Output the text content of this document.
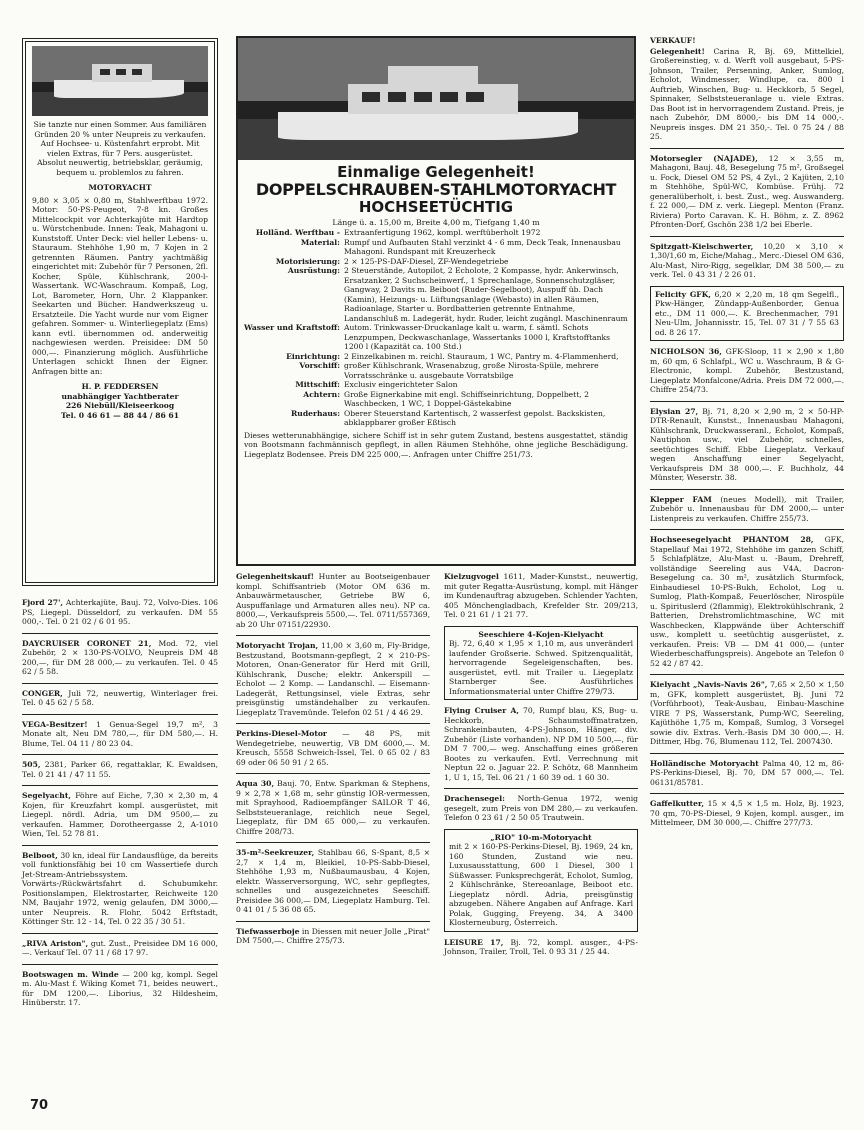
Sie tanzte nur einen Sommer. Aus familiären Gründen 20 % unter Neupreis zu verkaufen. Auf Hochsee- u. Küstenfahrt erprobt. Mit vielen Extras, für 7 Pers. ausgerüstet. Absolut neuwertig, betriebsklar, geräumig, bequem u. problemlos zu fahren.

MOTORYACHT

9,80 × 3,05 × 0,80 m, Stahlwerftbau 1972. Motor: 50-PS-Peugeot, 7-8 kn. Großes Mittelcockpit vor Achterkajüte mit Hardtop u. Würstchenbude. Innen: Teak, Mahagoni u. Kunststoff. Unter Deck: viel heller Lebens- u. Stauraum. Stehhöhe 1,90 m, 7 Kojen in 2 getrennten Räumen. Pantry yachtmäßig eingerichtet mit: Zubehör für 7 Personen, 2fl. Kocher, Spüle, Kühlschrank, 200-l-Wassertank. WC-Waschraum. Kompaß, Log, Lot, Barometer, Horn, Uhr. 2 Klappanker. Seekarten und Bücher. Handwerkszeug u. Ersatzteile. Die Yacht wurde nur vom Eigner gefahren. Sommer- u. Winterliegeplatz (Ems) kann evtl. übernommen od. anderweitig nachgewiesen werden. Preisidee: DM 50 000,—. Finanzierung möglich. Ausführliche Unterlagen schickt Ihnen der Eigner. Anfragen bitte an:

H. P. FEDDERSEN
unabhängiger Yachtberater
226 Niebüll/Kleiseerkoog
Tel. 0 46 61 — 88 44 / 86 61

Fjord 27', Achterkajüte, Bauj. 72, Volvo-Dies. 106 PS, Liegepl. Düsseldorf, zu verkaufen. DM 55 000,-. Tel. 0 21 02 / 6 01 95.

DAYCRUISER CORONET 21, Mod. 72, viel Zubehör, 2 × 130-PS-VOLVO, Neupreis DM 48 200,—, für DM 28 000,— zu verkaufen. Tel. 0 45 62 / 5 58.

CONGER, Juli 72, neuwertig, Winterlager frei. Tel. 0 45 62 / 5 58.

VEGA-Besitzer! 1 Genua-Segel 19,7 m², 3 Monate alt, Neu DM 780,—, für DM 580,—. H. Blume, Tel. 04 11 / 80 23 04.

505, 2381, Parker 66, regattaklar, K. Ewaldsen, Tel. 0 21 41 / 47 11 55.

Segelyacht, Föhre auf Eiche, 7,30 × 2,30 m, 4 Kojen, für Kreuzfahrt kompl. ausgerüstet, mit Liegepl. nördl. Adria, um DM 9500,— zu verkaufen. Hammer, Dorotheergasse 2, A-1010 Wien, Tel. 52 78 81.

Belboot, 30 kn, ideal für Landausflüge, da bereits voll funktionsfähig bei 10 cm Wassertiefe durch Jet-Stream-Antriebssystem. Vorwärts-/Rückwärtsfahrt d. Schubumkehr. Positionslampen, Elektrostarter, Reichweite 120 NM, Baujahr 1972, wenig gelaufen, DM 3000,— unter Neupreis. R. Flohr, 5042 Erftstadt, Köttinger Str. 12 - 14, Tel. 0 22 35 / 30 51.

„RIVA Ariston", gut. Zust., Preisidee DM 16 000,—. Verkauf Tel. 07 11 / 68 17 97.

Bootswagen m. Winde — 200 kg, kompl. Segel m. Alu-Mast f. Wiking Komet 71, beides neuwert., für DM 1200,—. Liborius, 32 Hildesheim, Hinüberstr. 17.

Einmalige Gelegenheit!
DOPPELSCHRAUBEN-STAHLMOTORYACHT
HOCHSEETÜCHTIG
Länge ü. a. 15,00 m, Breite 4,00 m, Tiefgang 1,40 m
Holländ. Werftbau -	Extraanfertigung 1962, kompl. werftüberholt 1972
Material:	Rumpf und Aufbauten Stahl verzinkt 4 - 6 mm, Deck Teak, Innenausbau Mahagoni. Rundspant mit Kreuzerheck
Motorisierung:	2 × 125-PS-DAF-Diesel, ZF-Wendegetriebe
Ausrüstung:	2 Steuerstände, Autopilot, 2 Echolote, 2 Kompasse, hydr. Ankerwinsch, Ersatzanker, 2 Suchscheinwerf., 1 Sprechanlage, Sonnenschutzgläser, Gangway, 2 Davits m. Beiboot (Ruder-Segelboot), Auspuff üb. Dach (Kamin), Heizungs- u. Lüftungsanlage (Webasto) in allen Räumen, Radioanlage, Starter u. Bordbatterien getrennte Entnahme, Landanschluß m. Ladegerät, hydr. Ruder, leicht zugängl. Maschinenraum
Wasser und Kraftstoff:	Autom. Trinkwasser-Druckanlage kalt u. warm, f. sämtl. Schots Lenzpumpen, Deckwaschanlage, Wassertanks 1000 l, Kraftstofftanks 1200 l (Kapazität ca. 100 Std.)
Einrichtung:
Vorschiff:	2 Einzelkabinen m. reichl. Stauraum, 1 WC, Pantry m. 4-Flammenherd, großer Kühlschrank, Wrasenabzug, große Nirosta-Spüle, mehrere Vorratsschränke u. ausgebaute Vorratsbilge
Mittschiff:	Exclusiv eingerichteter Salon
Achtern:	Große Eignerkabine mit engl. Schiffseinrichtung, Doppelbett, 2 Waschbecken, 1 WC, 1 Doppel-Gästekabine
Ruderhaus:	Oberer Steuerstand Kartentisch, 2 wasserfest gepolst. Backskisten, abklappbarer großer Eßtisch

Dieses wetterunabhängige, sichere Schiff ist in sehr gutem Zustand, bestens ausgestattet, ständig von Bootsmann fachmännisch gepflegt, in allen Räumen Stehhöhe, ohne jegliche Beschädigung. Liegeplatz Bodensee. Preis DM 225 000,—. Anfragen unter Chiffre 251/73.

Gelegenheitskauf! Hunter au Bootseigenbauer kompl. Schiffsantrieb (Motor OM 636 m. Anbauwärmetauscher, Getriebe BW 6, Auspuffanlage und Armaturen alles neu). NP ca. 8000,—, Verkaufspreis 5500,—. Tel. 0711/557369, ab 20 Uhr 07151/22930.

Motoryacht Trojan, 11,00 × 3,60 m, Fly-Bridge, Bestzustand, Bootsmann-gepflegt, 2 × 210-PS-Motoren, Onan-Generator für Herd mit Grill, Kühlschrank, Dusche; elektr. Ankerspill — Echolot — 2 Komp. — Landanschl. — Eisemann-Ladegerät, Rettungsinsel, viele Extras, sehr preisgünstig umständehalber zu verkaufen. Liegeplatz Travemünde. Telefon 02 51 / 4 46 29.

Perkins-Diesel-Motor — 48 PS, mit Wendegetriebe, neuwertig, VB DM 6000,—. M. Kreusch, 5558 Schweich-Issel, Tel. 0 65 02 / 83 69 oder 06 50 91 / 2 65.

Aqua 30, Bauj. 70, Entw. Sparkman & Stephens, 9 × 2,78 × 1,68 m, sehr günstig IOR-vermessen, mit Sprayhood, Radioempfänger SAILOR T 46, Selbststeueranlage, reichlich neue Segel, Liegeplatz, für DM 65 000,— zu verkaufen. Chiffre 208/73.

35-m²-Seekreuzer, Stahlbau 66, S-Spant, 8,5 × 2,7 × 1,4 m, Bleikiel, 10-PS-Sabb-Diesel, Stehhöhe 1,93 m, Nußbaumausbau, 4 Kojen, elektr. Wasserversorgung, WC, sehr gepflegtes, schnelles und ausgezeichnetes Seeschiff. Preisidee 36 000,— DM, Liegeplatz Hamburg. Tel. 0 41 01 / 5 36 08 65.

Tiefwasserboje in Diessen mit neuer Jolle „Pirat" DM 7500,—. Chiffre 275/73.

Kielzugvogel 1611, Mader-Kunstst., neuwertig, mit guter Regatta-Ausrüstung, kompl. mit Hänger im Kundenauftrag abzugeben. Schlender Yachten, 405 Mönchengladbach, Krefelder Str. 209/213, Tel. 0 21 61 / 1 21 77.

Seeschiere 4-Kojen-Kielyacht

Bj. 72, 6,40 × 1,95 × 1,10 m, aus unveränderl laufender Großserie. Schwed. Spitzenqualität, hervorragende Segeleigenschaften, bes. ausgerüstet, evtl. mit Trailer u. Liegeplatz Starnberger See. Ausführliches Informationsmaterial unter Chiffre 279/73.

Flying Cruiser A, 70, Rumpf blau, KS, Bug- u. Heckkorb, Schaumstoffmatratzen, Schrankeinbauten, 4-PS-Johnson, Hänger, div. Zubehör (Liste vorhanden). NP DM 10 500,—, für DM 7 700,— weg. Anschaffung eines größeren Bootes zu verkaufen. Evtl. Verrechnung mit Neptun 22 o. Jaguar 22. P. Schötz, 68 Mannheim 1, U 1, 15, Tel. 06 21 / 1 60 39 od. 1 60 30.

Drachensegel: North-Genua 1972, wenig gesegelt, zum Preis von DM 280,— zu verkaufen. Telefon 0 23 61 / 2 50 05 Trautwein.

„RIO" 10-m-Motoryacht

mit 2 × 160-PS-Perkins-Diesel, Bj. 1969, 24 kn, 160 Stunden, Zustand wie neu. Luxusausstattung, 600 l Diesel, 300 l Süßwasser. Funksprechgerät, Echolot, Sumlog, 2 Kühlschränke, Stereoanlage, Beiboot etc. Liegeplatz nördl. Adria, preisgünstig abzugeben. Nähere Angaben auf Anfrage. Karl Polak, Gugging, Freyeng. 34, A 3400 Klosterneuburg, Österreich.

LEISURE 17, Bj. 72, kompl. ausger., 4-PS-Johnson, Trailer, Troll, Tel. 0 93 31 / 25 44.

VERKAUF!

Gelegenheit! Carina R, Bj. 69, Mittelkiel, Großereinstieg, v. d. Werft voll ausgebaut, 5-PS-Johnson, Trailer, Persenning, Anker, Sumlog, Echolot, Windmesser, Windlupe, ca. 800 l Auftrieb, Winschen, Bug- u. Heckkorb, 5 Segel, Spinnaker, Selbststeueranlage u. viele Extras. Das Boot ist in hervorragendem Zustand. Preis, je nach Zubehör, DM 8000,- bis DM 14 000,-. Neupreis insges. DM 21 350,-. Tel. 0 75 24 / 88 25.

Motorsegler (NAJADE), 12 × 3,55 m, Mahagoni, Bauj. 48, Besegelung 75 m², Großsegel u. Fock, Diesel OM 52 PS, 4 Zyl., 2 Kajüten, 2,10 m Stehhöhe, Spül-WC, Kombüse. Frühj. 72 generalüberholt, i. best. Zust., weg. Auswanderg. f. 22 000,— DM z. verk. Liegepl. Menton (Franz. Riviera) Porto Caravan. K. H. Böhm, z. Z. 8962 Pfronten-Dorf, Gschön 238 1/2 bei Eberle.

Spitzgatt-Kielschwerter, 10,20 × 3,10 × 1,30/1,60 m, Eiche/Mahag., Merc.-Diesel OM 636, Alu-Mast, Niro-Rigg, segelklar, DM 38 500,— zu verk. Tel. 0 43 31 / 2 26 01.

Felicity GFK, 6,20 × 2,20 m, 18 qm Segelfl., Pkw-Hänger, Zündapp-Außenborder, Genua etc., DM 11 000,—. K. Brechenmacher, 791 Neu-Ulm, Johannisstr. 15, Tel. 07 31 / 7 55 63 od. 8 26 17.

NICHOLSON 36, GFK-Sloop, 11 × 2,90 × 1,80 m, 60 qm, 6 Schlafpl., WC u. Waschraum, B & G-Electronic, kompl. Zubehör, Bestzustand, Liegeplatz Monfalcone/Adria. Preis DM 72 000,—. Chiffre 254/73.

Elysian 27, Bj. 71, 8,20 × 2,90 m, 2 × 50-HP-DTR-Renault, Kunstst., Innenausbau Mahagoni, Kühlschrank, Druckwasseranl., Echolot, Kompaß, Nautiphon usw., viel Zubehör, schnelles, seetüchtiges Schiff. Ebbe Liegeplatz. Verkauf wegen Anschaffung einer Segelyacht, Verkaufspreis DM 38 000,—. F. Buchholz, 44 Münster, Weserstr. 38.

Klepper FAM (neues Modell), mit Trailer, Zubehör u. Innenausbau für DM 2000,— unter Listenpreis zu verkaufen. Chiffre 255/73.

Hochseesegelyacht PHANTOM 28, GFK, Stapellauf Mai 1972, Stehhöhe im ganzen Schiff, 5 Schlafplätze, Alu-Mast u. -Baum, Drehreff, vollständige Seereling aus V4A, Dacron-Besegelung ca. 30 m², zusätzlich Sturmfock, Einbaudiesel 10-PS-Bukh, Echolot, Log u. Sumlog, Plath-Kompaß, Feuerlöscher, Nirospüle u. Spirituslerd (2flammig), Elektrokühlschrank, 2 Batterien, Drehstromlichtmaschine, WC mit Waschbecken, Klappwände über Achterschiff usw., komplett u. seetüchtig ausgerüstet, z. verkaufen. Preis: VB — DM 41 000,— (unter Wiederbeschaffungspreis). Angebote an Telefon 0 52 42 / 87 42.

Kielyacht „Navis-Navis 26", 7,65 × 2,50 × 1,50 m, GFK, komplett ausgerüstet, Bj. Juni 72 (Vorführboot), Teak-Ausbau, Einbau-Maschine VIRE 7 PS, Wasserstank, Pump-WC, Seereling, Kajüthöhe 1,75 m, Kompaß, Sumlog, 3 Vorsegel sowie div. Extras. Verh.-Basis DM 30 000,—. H. Dittmer, Hbg. 76, Blumenau 112, Tel. 2007430.

Holländische Motoryacht Palma 40, 12 m, 86-PS-Perkins-Diesel, Bj. 70, DM 57 000,—. Tel. 06131/85781.

Gaffelkutter, 15 × 4,5 × 1,5 m. Holz, Bj. 1923, 70 qm, 70-PS-Diesel, 9 Kojen, kompl. ausger., im Mittelmeer, DM 30 000,—. Chiffre 277/73.

70
